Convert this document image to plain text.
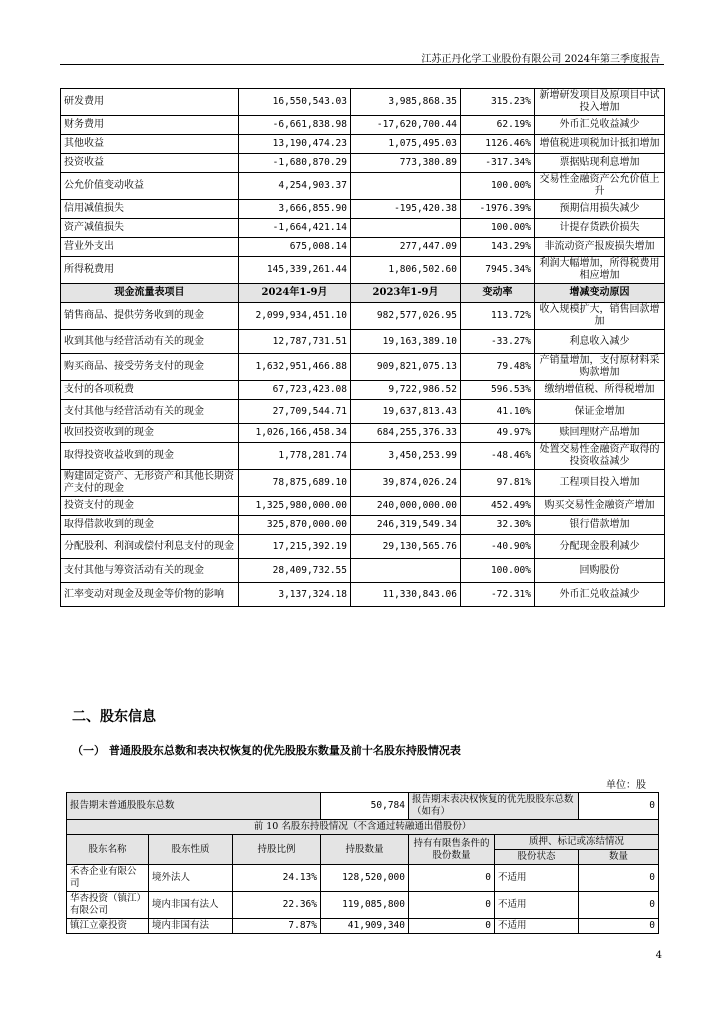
江苏正丹化学工业股份有限公司 2024年第三季度报告
研发费用	16,550,543.03	3,985,868.35	315.23%	新增研发项目及原项目中试投入增加
财务费用	-6,661,838.98	-17,620,700.44	62.19%	外币汇兑收益减少
其他收益	13,190,474.23	1,075,495.03	1126.46%	增值税进项税加计抵扣增加
投资收益	-1,680,870.29	773,380.89	-317.34%	票据贴现利息增加
公允价值变动收益	4,254,903.37		100.00%	交易性金融资产公允价值上升
信用减值损失	3,666,855.90	-195,420.38	-1976.39%	预期信用损失减少
资产减值损失	-1,664,421.14		100.00%	计提存货跌价损失
营业外支出	675,008.14	277,447.09	143.29%	非流动资产报废损失增加
所得税费用	145,339,261.44	1,806,502.60	7945.34%	利润大幅增加，所得税费用相应增加
现金流量表项目	2024年1-9月	2023年1-9月	变动率	增减变动原因
销售商品、提供劳务收到的现金	2,099,934,451.10	982,577,026.95	113.72%	收入规模扩大，销售回款增加
收到其他与经营活动有关的现金	12,787,731.51	19,163,389.10	-33.27%	利息收入减少
购买商品、接受劳务支付的现金	1,632,951,466.88	909,821,075.13	79.48%	产销量增加，支付原材料采购款增加
支付的各项税费	67,723,423.08	9,722,986.52	596.53%	缴纳增值税、所得税增加
支付其他与经营活动有关的现金	27,709,544.71	19,637,813.43	41.10%	保证金增加
收回投资收到的现金	1,026,166,458.34	684,255,376.33	49.97%	赎回理财产品增加
取得投资收益收到的现金	1,778,281.74	3,450,253.99	-48.46%	处置交易性金融资产取得的投资收益减少
购建固定资产、无形资产和其他长期资产支付的现金	78,875,689.10	39,874,026.24	97.81%	工程项目投入增加
投资支付的现金	1,325,980,000.00	240,000,000.00	452.49%	购买交易性金融资产增加
取得借款收到的现金	325,870,000.00	246,319,549.34	32.30%	银行借款增加
分配股利、利润或偿付利息支付的现金	17,215,392.19	29,130,565.76	-40.90%	分配现金股利减少
支付其他与筹资活动有关的现金	28,409,732.55		100.00%	回购股份
汇率变动对现金及现金等价物的影响	3,137,324.18	11,330,843.06	-72.31%	外币汇兑收益减少
二、股东信息
（一） 普通股股东总数和表决权恢复的优先股股东数量及前十名股东持股情况表
单位：股
报告期末普通股股东总数			50,784	报告期末表决权恢复的优先股股东总数（如有）		0
前 10 名股东持股情况（不含通过转融通出借股份）						
股东名称	股东性质	持股比例	持股数量	持有有限售条件的股份数量	质押、标记或冻结情况	
					股份状态	数量
禾杏企业有限公司	境外法人	24.13%	128,520,000	0	不适用	0
华杏投资（镇江）有限公司	境内非国有法人	22.36%	119,085,800	0	不适用	0
镇江立豪投资	境内非国有法	7.87%	41,909,340	0	不适用	0
4
